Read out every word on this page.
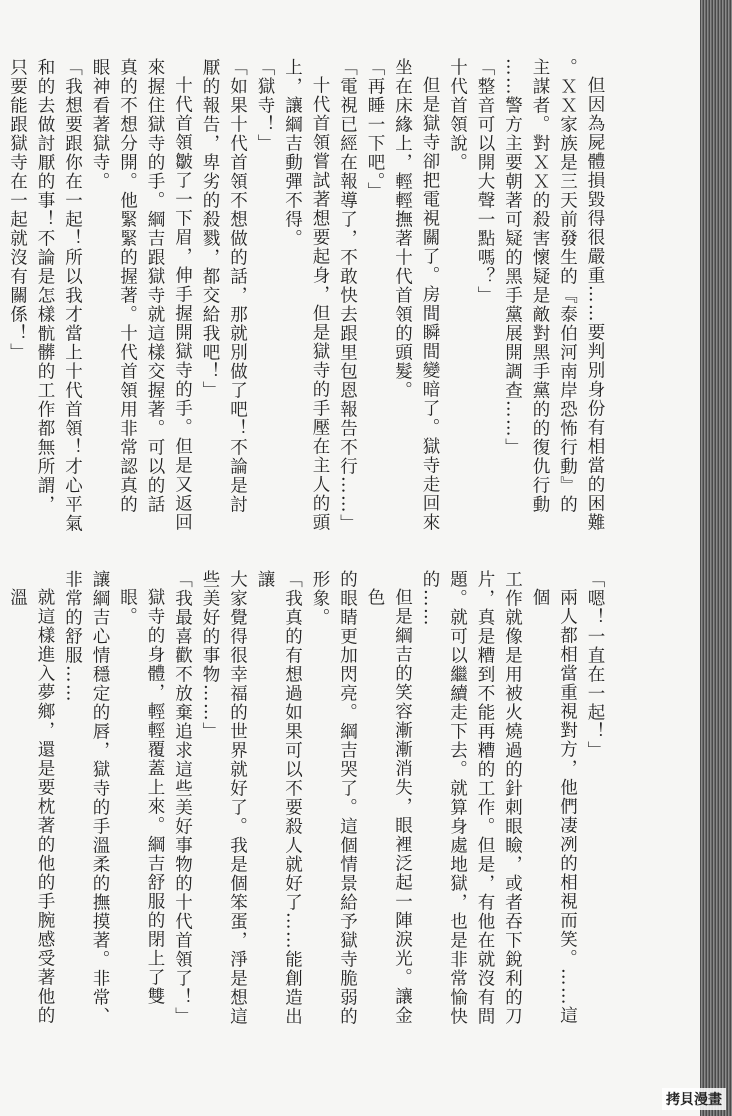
但因為屍體損毀得很嚴重……要判別身份有相當的困難
。ＸＸ家族是三天前發生的『泰伯河南岸恐怖行動』的
主謀者。對ＸＸ的殺害懷疑是敵對黑手黨的的復仇行動
……警方主要朝著可疑的黑手黨展開調查……」
「整音可以開大聲一點嗎？」
十代首領說。
但是獄寺卻把電視關了。房間瞬間變暗了。獄寺走回來
坐在床緣上，輕輕撫著十代首領的頭髮。
「再睡一下吧。」
「電視已經在報導了，不敢快去跟里包恩報告不行……」
十代首領嘗試著想要起身，但是獄寺的手壓在主人的頭
上，讓綱吉動彈不得。
「獄寺！」
「如果十代首領不想做的話，那就別做了吧！不論是討
厭的報告，卑劣的殺戮，都交給我吧！」
十代首領皺了一下眉，伸手握開獄寺的手。但是又返回
來握住獄寺的手。綱吉跟獄寺就這樣交握著。可以的話
真的不想分開。他緊緊的握著。十代首領用非常認真的
眼神看著獄寺。
「我想要跟你在一起！所以我才當上十代首領！才心平氣
和的去做討厭的事！不論是怎樣骯髒的工作都無所謂，
只要能跟獄寺在一起就沒有關係！」
「嗯！一直在一起！」
兩人都相當重視對方，他們凄冽的相視而笑。……這個
工作就像是用被火燒過的針刺眼瞼，或者吞下銳利的刀
片，真是糟到不能再糟的工作。但是，有他在就沒有問
題。就可以繼續走下去。就算身處地獄，也是非常愉快
的……
但是綱吉的笑容漸漸消失，眼裡泛起一陣淚光。讓金色
的眼睛更加閃亮。綱吉哭了。這個情景給予獄寺脆弱的
形象。
「我真的有想過如果可以不要殺人就好了……能創造出讓
大家覺得很幸福的世界就好了。我是個笨蛋，淨是想這
些美好的事物……」
「我最喜歡不放棄追求這些美好事物的十代首領了！」
獄寺的身體，輕輕覆蓋上來。綱吉舒服的閉上了雙眼。
讓綱吉心情穩定的唇，獄寺的手溫柔的撫摸著。非常、
非常的舒服……
就這樣進入夢鄉，還是要枕著的他的手腕感受著他的溫
拷貝漫畫
